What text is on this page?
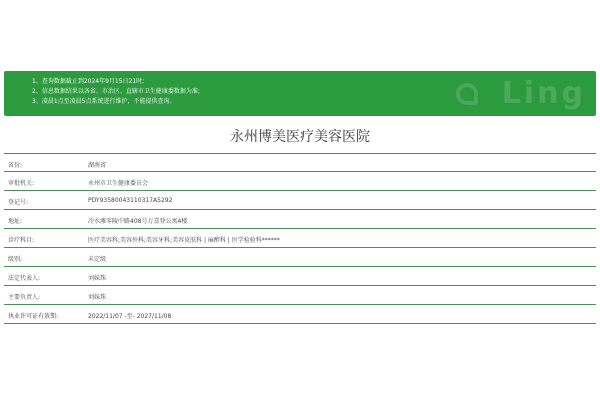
Ling
1、查询数据截止到2024年9月15日21时;
2、信息数据结果以各省、市治区、直辖市卫生健康委数据为准;
3、凌晨1点至凌晨5点系统进行维护，不能提供查询。
永州博美医疗美容医院
省份:	湖南省
审批机关:	永州市卫生健康委员会
登记号:	PDY93580043110317A5292
地址:	冷水滩零陵中路408号万喜登公寓4楼
诊疗科目:	医疗美容科;美容外科;美容牙科;美容皮肤科 | 麻醉科 | 医学检验科******
级别:	未定级
法定代表人:	刘妹珠
主要负责人:	刘妹珠
执业许可证有效期:	2022/11/07 -至- 2027/11/08
